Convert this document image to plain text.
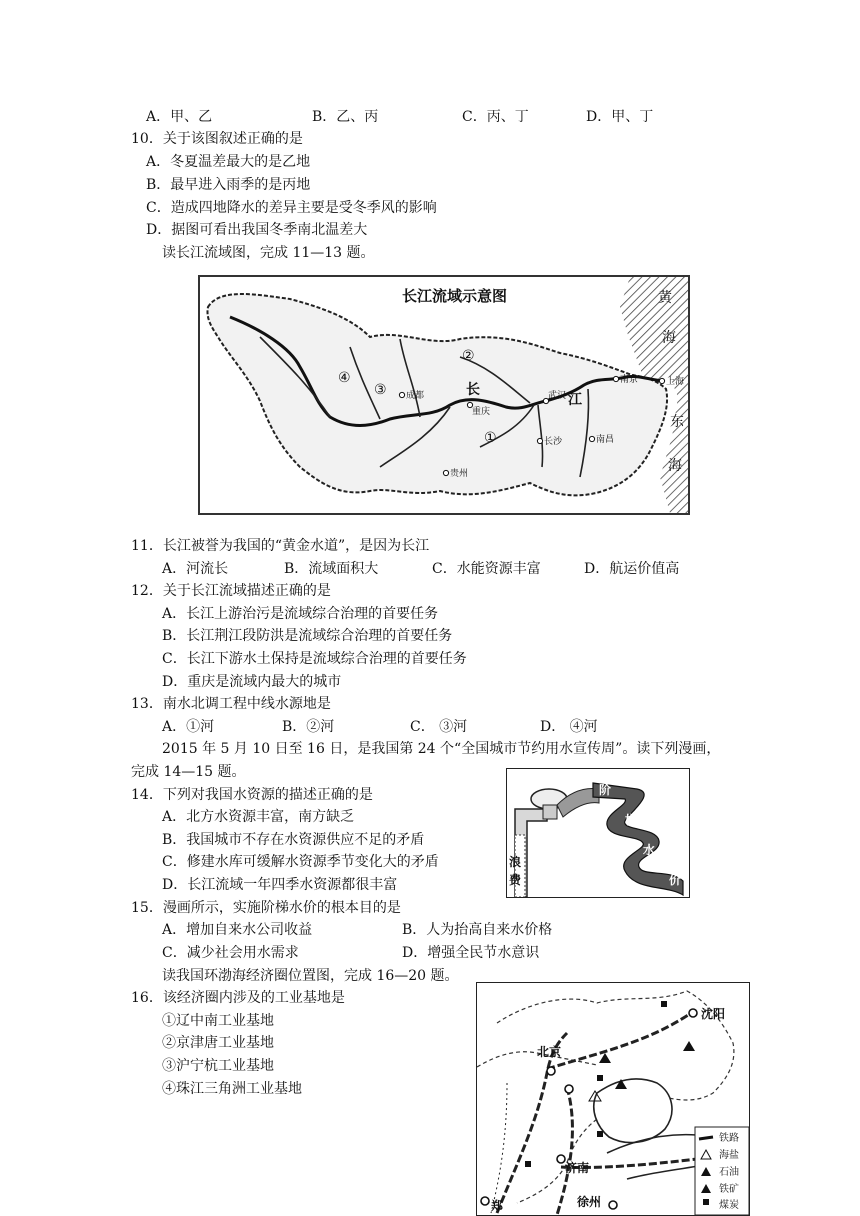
A．甲、乙	B．乙、丙	C．丙、丁	D．甲、丁
10．关于该图叙述正确的是
A．冬夏温差最大的是乙地
B．最早进入雨季的是丙地
C．造成四地降水的差异主要是受冬季风的影响
D．据图可看出我国冬季南北温差大
读长江流域图，完成 11—13 题。
长江流域示意图	黄
海
东
海
长
江
成都
重庆
武汉
长沙	南昌
南京	上海
贵州
①
②
③
④
11．长江被誉为我国的“黄金水道”，是因为长江
A．河流长	B．流域面积大	C．水能资源丰富	D．航运价值高
12．关于长江流域描述正确的是
A．长江上游治污是流域综合治理的首要任务
B．长江荆江段防洪是流域综合治理的首要任务
C．长江下游水土保持是流域综合治理的首要任务
D．重庆是流域内最大的城市
13．南水北调工程中线水源地是
A．①河	B．②河	C． ③河	D． ④河
2015 年 5 月 10 日至 16 日，是我国第 24 个“全国城市节约用水宣传周”。读下列漫画，
完成 14—15 题。
阶
梯
水
价
浪
费
14．下列对我国水资源的描述正确的是
A．北方水资源丰富，南方缺乏
B．我国城市不存在水资源供应不足的矛盾
C．修建水库可缓解水资源季节变化大的矛盾
D．长江流域一年四季水资源都很丰富
15．漫画所示，实施阶梯水价的根本目的是
A．增加自来水公司收益	B．人为抬高自来水价格
C．减少社会用水需求	D．增强全民节水意识
读我国环渤海经济圈位置图，完成 16—20 题。
16．该经济圈内涉及的工业基地是
①辽中南工业基地
②京津唐工业基地
③沪宁杭工业基地
④珠江三角洲工业基地
沈阳
北京
济南
徐州
郑
铁路
海盐
石油
铁矿
煤炭
